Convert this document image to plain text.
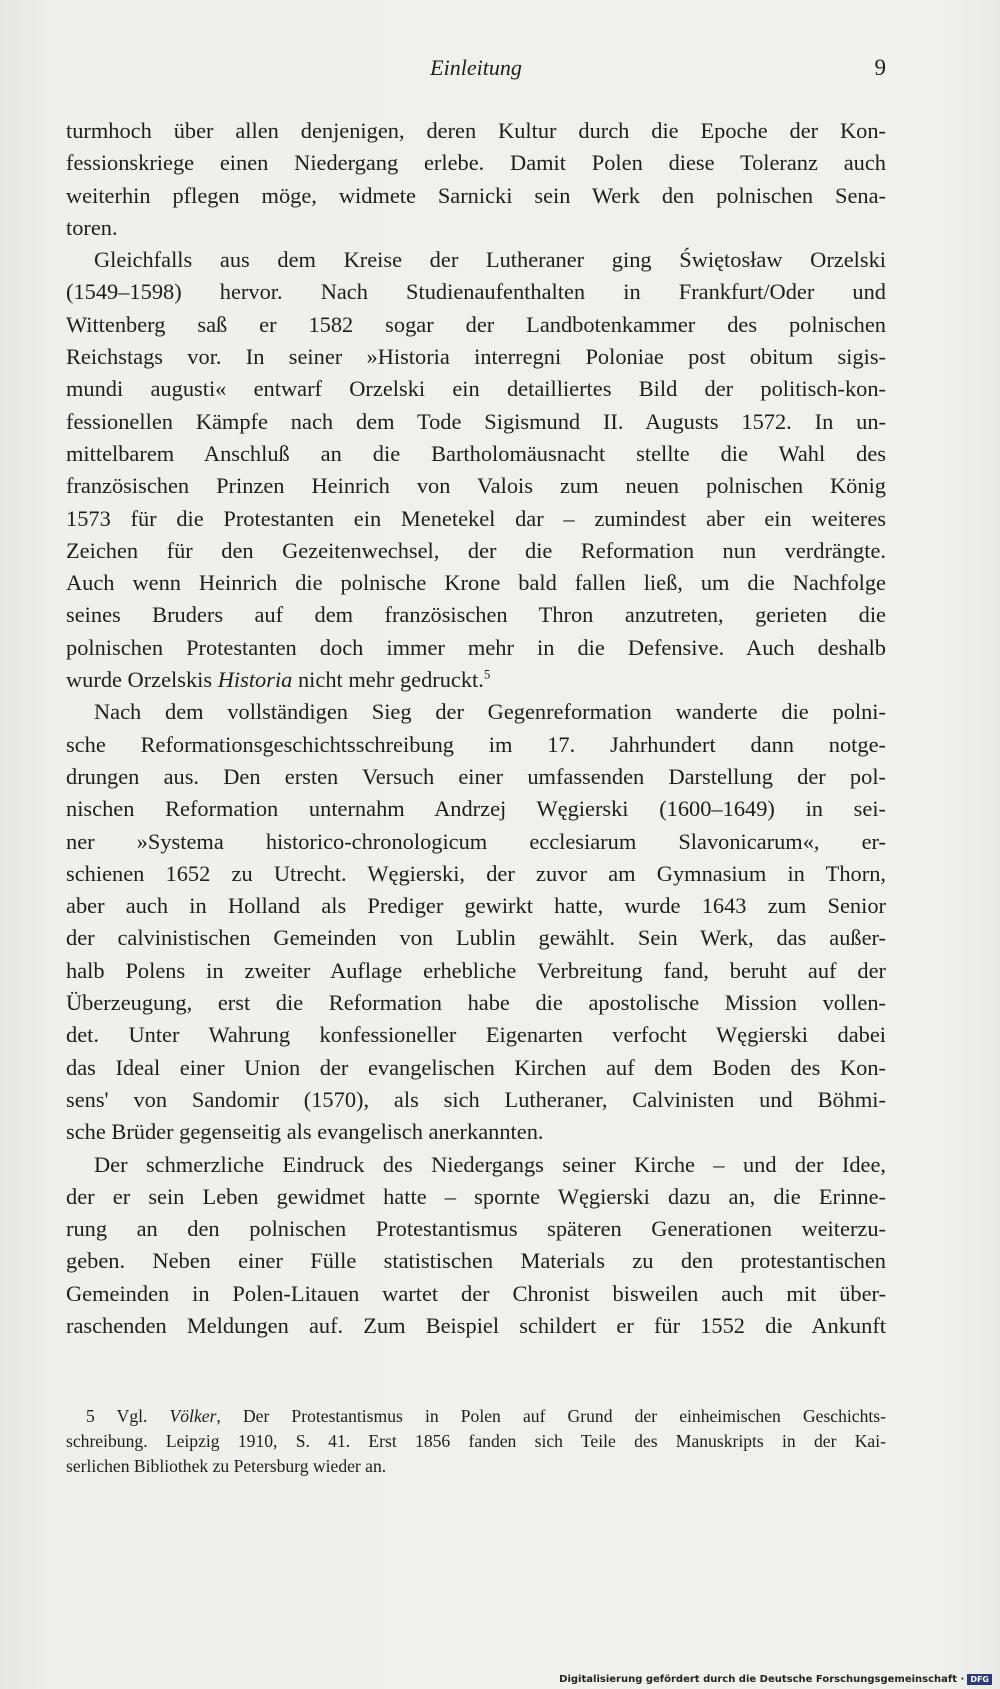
Einleitung	9
turmhoch über allen denjenigen, deren Kultur durch die Epoche der Kon-
fessionskriege einen Niedergang erlebe. Damit Polen diese Toleranz auch
weiterhin pflegen möge, widmete Sarnicki sein Werk den polnischen Sena-
toren.
Gleichfalls aus dem Kreise der Lutheraner ging Świętosław Orzelski
(1549–1598) hervor. Nach Studienaufenthalten in Frankfurt/Oder und
Wittenberg saß er 1582 sogar der Landbotenkammer des polnischen
Reichstags vor. In seiner »Historia interregni Poloniae post obitum sigis-
mundi augusti« entwarf Orzelski ein detailliertes Bild der politisch-kon-
fessionellen Kämpfe nach dem Tode Sigismund II. Augusts 1572. In un-
mittelbarem Anschluß an die Bartholomäusnacht stellte die Wahl des
französischen Prinzen Heinrich von Valois zum neuen polnischen König
1573 für die Protestanten ein Menetekel dar – zumindest aber ein weiteres
Zeichen für den Gezeitenwechsel, der die Reformation nun verdrängte.
Auch wenn Heinrich die polnische Krone bald fallen ließ, um die Nachfolge
seines Bruders auf dem französischen Thron anzutreten, gerieten die
polnischen Protestanten doch immer mehr in die Defensive. Auch deshalb
wurde Orzelskis Historia nicht mehr gedruckt.$^5$
Nach dem vollständigen Sieg der Gegenreformation wanderte die polni-
sche Reformationsgeschichtsschreibung im 17. Jahrhundert dann notge-
drungen aus. Den ersten Versuch einer umfassenden Darstellung der pol-
nischen Reformation unternahm Andrzej Węgierski (1600–1649) in sei-
ner »Systema historico-chronologicum ecclesiarum Slavonicarum«, er-
schienen 1652 zu Utrecht. Węgierski, der zuvor am Gymnasium in Thorn,
aber auch in Holland als Prediger gewirkt hatte, wurde 1643 zum Senior
der calvinistischen Gemeinden von Lublin gewählt. Sein Werk, das außer-
halb Polens in zweiter Auflage erhebliche Verbreitung fand, beruht auf der
Überzeugung, erst die Reformation habe die apostolische Mission vollen-
det. Unter Wahrung konfessioneller Eigenarten verfocht Węgierski dabei
das Ideal einer Union der evangelischen Kirchen auf dem Boden des Kon-
sens' von Sandomir (1570), als sich Lutheraner, Calvinisten und Böhmi-
sche Brüder gegenseitig als evangelisch anerkannten.
Der schmerzliche Eindruck des Niedergangs seiner Kirche – und der Idee,
der er sein Leben gewidmet hatte – spornte Węgierski dazu an, die Erinne-
rung an den polnischen Protestantismus späteren Generationen weiterzu-
geben. Neben einer Fülle statistischen Materials zu den protestantischen
Gemeinden in Polen-Litauen wartet der Chronist bisweilen auch mit über-
raschenden Meldungen auf. Zum Beispiel schildert er für 1552 die Ankunft
5 Vgl. Völker, Der Protestantismus in Polen auf Grund der einheimischen Geschichts-
schreibung. Leipzig 1910, S. 41. Erst 1856 fanden sich Teile des Manuskripts in der Kai-
serlichen Bibliothek zu Petersburg wieder an.
Digitalisierung gefördert durch die Deutsche Forschungsgemeinschaft · DFG
